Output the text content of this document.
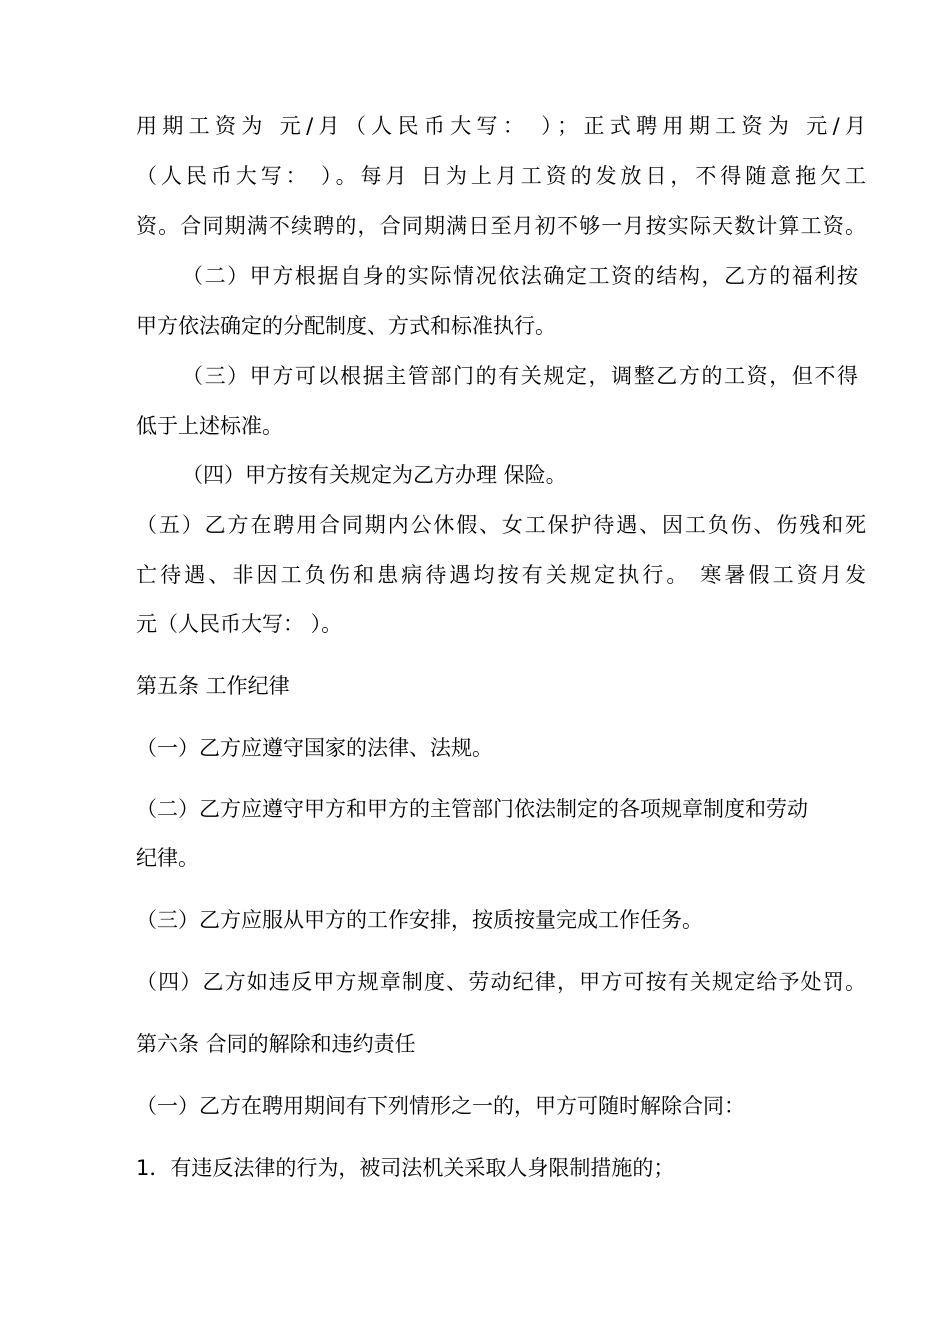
用期工资为 元/月（人民币大写： ）；正式聘用期工资为 元/月
（人民币大写： ）。每月 日为上月工资的发放日，不得随意拖欠工
资。合同期满不续聘的，合同期满日至月初不够一月按实际天数计算工资。
（二）甲方根据自身的实际情况依法确定工资的结构，乙方的福利按
甲方依法确定的分配制度、方式和标准执行。
（三）甲方可以根据主管部门的有关规定，调整乙方的工资，但不得
低于上述标准。
（四）甲方按有关规定为乙方办理 保险。
（五）乙方在聘用合同期内公休假、女工保护待遇、因工负伤、伤残和死
亡待遇、非因工负伤和患病待遇均按有关规定执行。 寒暑假工资月发
元（人民币大写： ）。
第五条 工作纪律
（一）乙方应遵守国家的法律、法规。
（二）乙方应遵守甲方和甲方的主管部门依法制定的各项规章制度和劳动
纪律。
（三）乙方应服从甲方的工作安排，按质按量完成工作任务。
（四）乙方如违反甲方规章制度、劳动纪律，甲方可按有关规定给予处罚。
第六条 合同的解除和违约责任
（一）乙方在聘用期间有下列情形之一的，甲方可随时解除合同：
1．有违反法律的行为，被司法机关采取人身限制措施的；
